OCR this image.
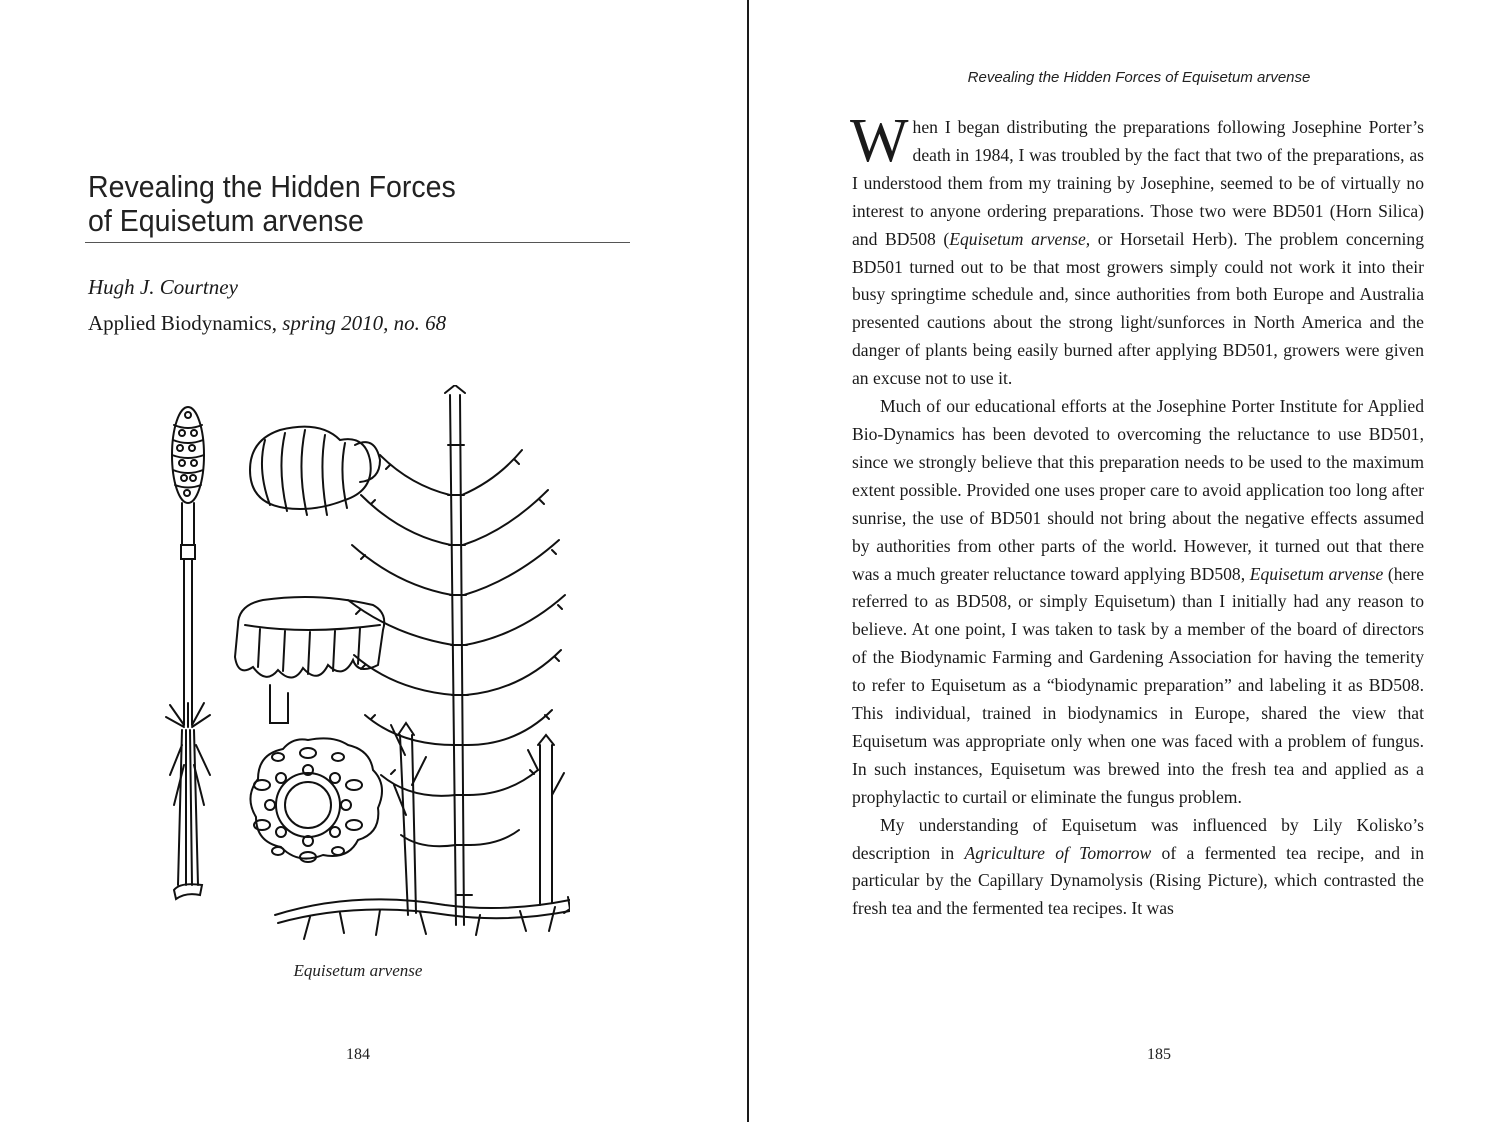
Revealing the Hidden Forces
of Equisetum arvense
Hugh J. Courtney
Applied Biodynamics, spring 2010, no. 68
Equisetum arvense
184
Revealing the Hidden Forces of Equisetum arvense

When I began distributing the preparations following Josephine Porter’s death in 1984, I was troubled by the fact that two of the preparations, as I understood them from my training by Josephine, seemed to be of virtually no interest to anyone ordering preparations. Those two were BD501 (Horn Silica) and BD508 (Equisetum arvense, or Horsetail Herb). The problem concerning BD501 turned out to be that most growers simply could not work it into their busy springtime schedule and, since authorities from both Europe and Australia presented cautions about the strong light/sunforces in North America and the danger of plants being easily burned after applying BD501, growers were given an excuse not to use it.

Much of our educational efforts at the Josephine Porter Institute for Applied Bio-Dynamics has been devoted to overcoming the reluctance to use BD501, since we strongly believe that this preparation needs to be used to the maximum extent possible. Provided one uses proper care to avoid application too long after sunrise, the use of BD501 should not bring about the negative effects assumed by authorities from other parts of the world. However, it turned out that there was a much greater reluctance toward applying BD508, Equisetum arvense (here referred to as BD508, or simply Equisetum) than I initially had any reason to believe. At one point, I was taken to task by a member of the board of directors of the Biodynamic Farming and Gardening Association for having the temerity to refer to Equisetum as a “biodynamic preparation” and labeling it as BD508. This individual, trained in biodynamics in Europe, shared the view that Equisetum was appropriate only when one was faced with a problem of fungus. In such instances, Equisetum was brewed into the fresh tea and applied as a prophylactic to curtail or eliminate the fungus problem.

My understanding of Equisetum was influenced by Lily Kolisko’s description in Agriculture of Tomorrow of a fermented tea recipe, and in particular by the Capillary Dynamolysis (Rising Picture), which contrasted the fresh tea and the fermented tea recipes. It was

185
